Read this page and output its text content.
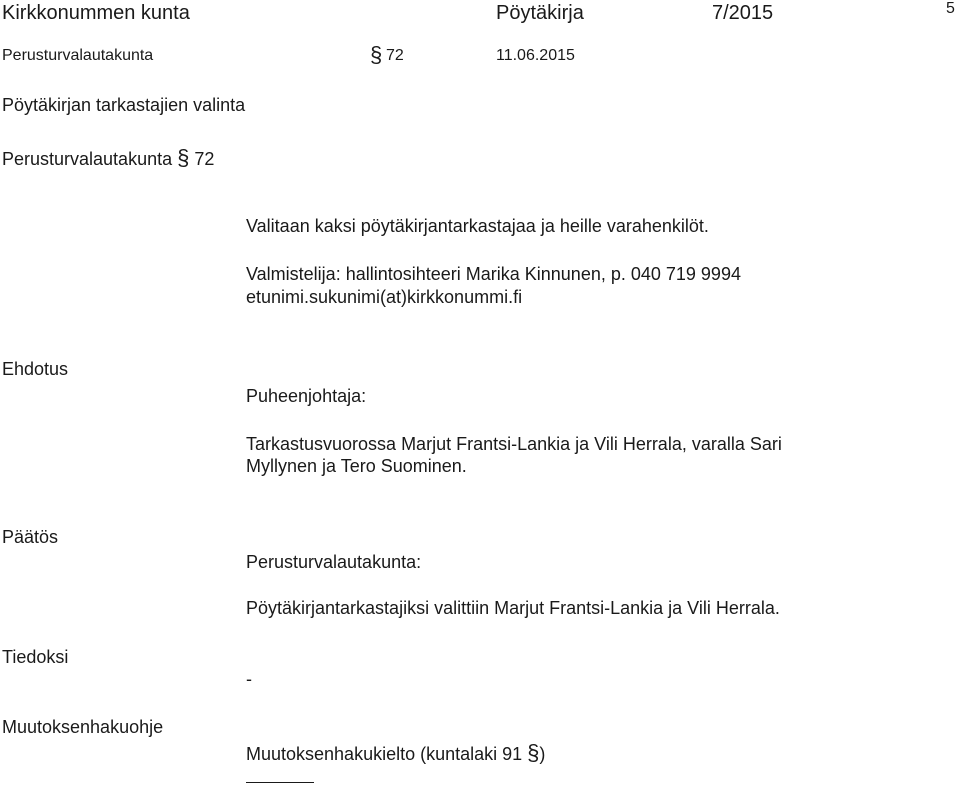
Kirkkonummen kunta	Pöytäkirja	7/2015	5
Perusturvalautakunta	§ 72	11.06.2015
Pöytäkirjan tarkastajien valinta
Perusturvalautakunta § 72
Valitaan kaksi pöytäkirjantarkastajaa ja heille varahenkilöt.
Valmistelija: hallintosihteeri Marika Kinnunen, p. 040 719 9994
etunimi.sukunimi(at)kirkkonummi.fi
Ehdotus
Puheenjohtaja:
Tarkastusvuorossa Marjut Frantsi-Lankia ja Vili Herrala, varalla Sari
Myllynen ja Tero Suominen.
Päätös
Perusturvalautakunta:
Pöytäkirjantarkastajiksi valittiin Marjut Frantsi-Lankia ja Vili Herrala.
Tiedoksi
-
Muutoksenhakuohje
Muutoksenhakukielto (kuntalaki 91 §)
